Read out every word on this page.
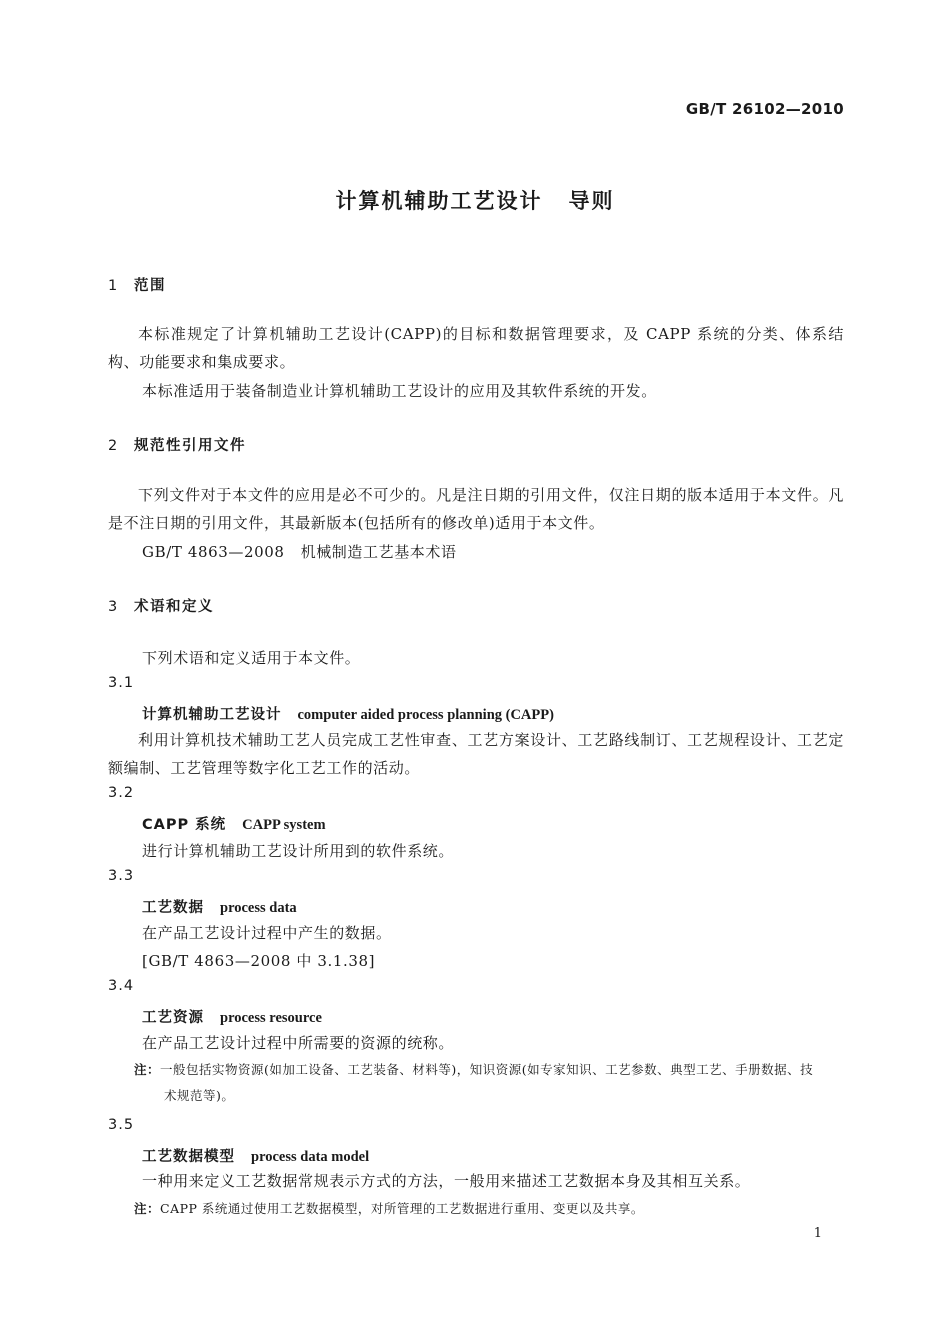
GB/T 26102—2010
计算机辅助工艺设计 导则
1 范围
本标准规定了计算机辅助工艺设计(CAPP)的目标和数据管理要求，及 CAPP 系统的分类、体系结构、功能要求和集成要求。
本标准适用于装备制造业计算机辅助工艺设计的应用及其软件系统的开发。
2 规范性引用文件
下列文件对于本文件的应用是必不可少的。凡是注日期的引用文件，仅注日期的版本适用于本文件。凡是不注日期的引用文件，其最新版本(包括所有的修改单)适用于本文件。
GB/T 4863—2008 机械制造工艺基本术语
3 术语和定义
下列术语和定义适用于本文件。
3.1
计算机辅助工艺设计 computer aided process planning (CAPP)
利用计算机技术辅助工艺人员完成工艺性审查、工艺方案设计、工艺路线制订、工艺规程设计、工艺定额编制、工艺管理等数字化工艺工作的活动。
3.2
CAPP 系统 CAPP system
进行计算机辅助工艺设计所用到的软件系统。
3.3
工艺数据 process data
在产品工艺设计过程中产生的数据。
[GB/T 4863—2008 中 3.1.38]
3.4
工艺资源 process resource
在产品工艺设计过程中所需要的资源的统称。
注：一般包括实物资源(如加工设备、工艺装备、材料等)，知识资源(如专家知识、工艺参数、典型工艺、手册数据、技
术规范等)。
3.5
工艺数据模型 process data model
一种用来定义工艺数据常规表示方式的方法，一般用来描述工艺数据本身及其相互关系。
注：CAPP 系统通过使用工艺数据模型，对所管理的工艺数据进行重用、变更以及共享。
1
